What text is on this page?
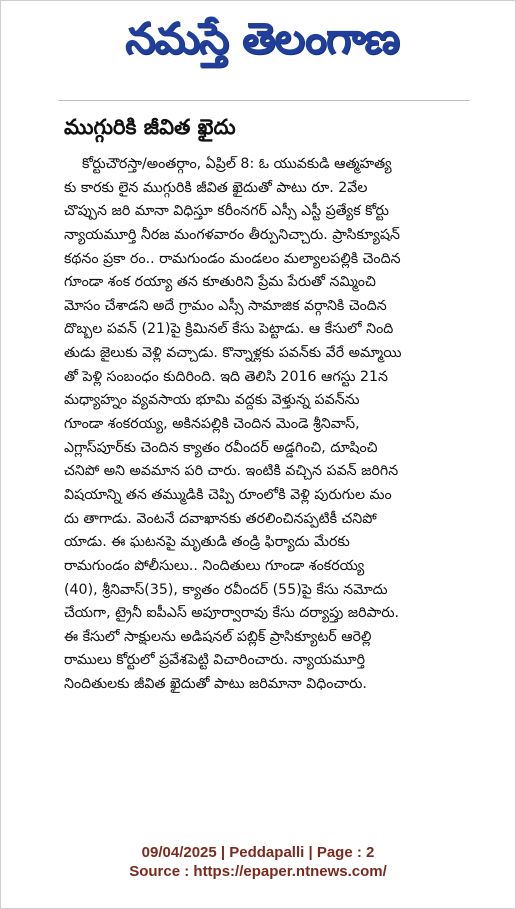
నమస్తే తెలంగాణ
ముగ్గురికి జీవిత ఖైదు
కోర్టుచౌరస్తా/అంతర్గాం, ఏప్రిల్ 8: ఓ యువకుడి ఆత్మహత్య
కు కారకు లైన ముగ్గురికి జీవిత ఖైదుతో పాటు రూ. 2వేల
చొప్పున జరి మానా విధిస్తూ కరీంనగర్ ఎస్సీ ఎస్టీ ప్రత్యేక కోర్టు
న్యాయమూర్తి నీరజ మంగళవారం తీర్పునిచ్చారు. ప్రాసిక్యూషన్
కథనం ప్రకా రం.. రామగుండం మండలం మల్యాలపల్లికి చెందిన
గూండా శంక రయ్యా తన కూతురిని ప్రేమ పేరుతో నమ్మించి
మోసం చేశాడని అదే గ్రామం ఎస్సీ సామాజిక వర్గానికి చెందిన
దొబ్బల పవన్ (21)పై క్రిమినల్ కేసు పెట్టాడు. ఆ కేసులో నింది
తుడు జైలుకు వెళ్లి వచ్చాడు. కొన్నాళ్లకు పవన్‌కు వేరే అమ్మాయి
తో పెళ్లి సంబంధం కుదిరింది. ఇది తెలిసి 2016 ఆగస్టు 21న
మధ్యాహ్నం వ్యవసాయ భూమి వద్దకు వెళ్తున్న పవన్‌ను
గూండా శంకరయ్య, అకినపల్లికి చెందిన మెండె శ్రీనివాస్,
ఎగ్లాస్‌పూర్‌కు చెందిన క్యాతం రవీందర్ అడ్డగించి, దూషించి
చనిపో అని అవమాన పరి చారు. ఇంటికి వచ్చిన పవన్ జరిగిన
విషయాన్ని తన తమ్ముడికి చెప్పి రూంలోకి వెళ్లి పురుగుల మం
దు తాగాడు. వెంటనే దవాఖానకు తరలించినప్పటికీ చనిపో
యాడు. ఈ ఘటనపై మృతుడి తండ్రి ఫిర్యాదు మేరకు
రామగుండం పోలీసులు.. నిందితులు గూండా శంకరయ్య
(40), శ్రీనివాస్(35), క్యాతం రవీందర్ (55)పై కేసు నమోదు
చేయగా, ట్రైనీ ఐపీఎస్ అపూర్వారావు కేసు దర్యాప్తు జరిపారు.
ఈ కేసులో సాక్షులను అడిషనల్ పబ్లిక్ ప్రాసిక్యూటర్ ఆరెల్లి
రాములు కోర్టులో ప్రవేశపెట్టి విచారించారు. న్యాయమూర్తి
నిందితులకు జీవిత ఖైదుతో పాటు జరిమానా విధించారు.
09/04/2025 | Peddapalli | Page : 2
Source : https://epaper.ntnews.com/
